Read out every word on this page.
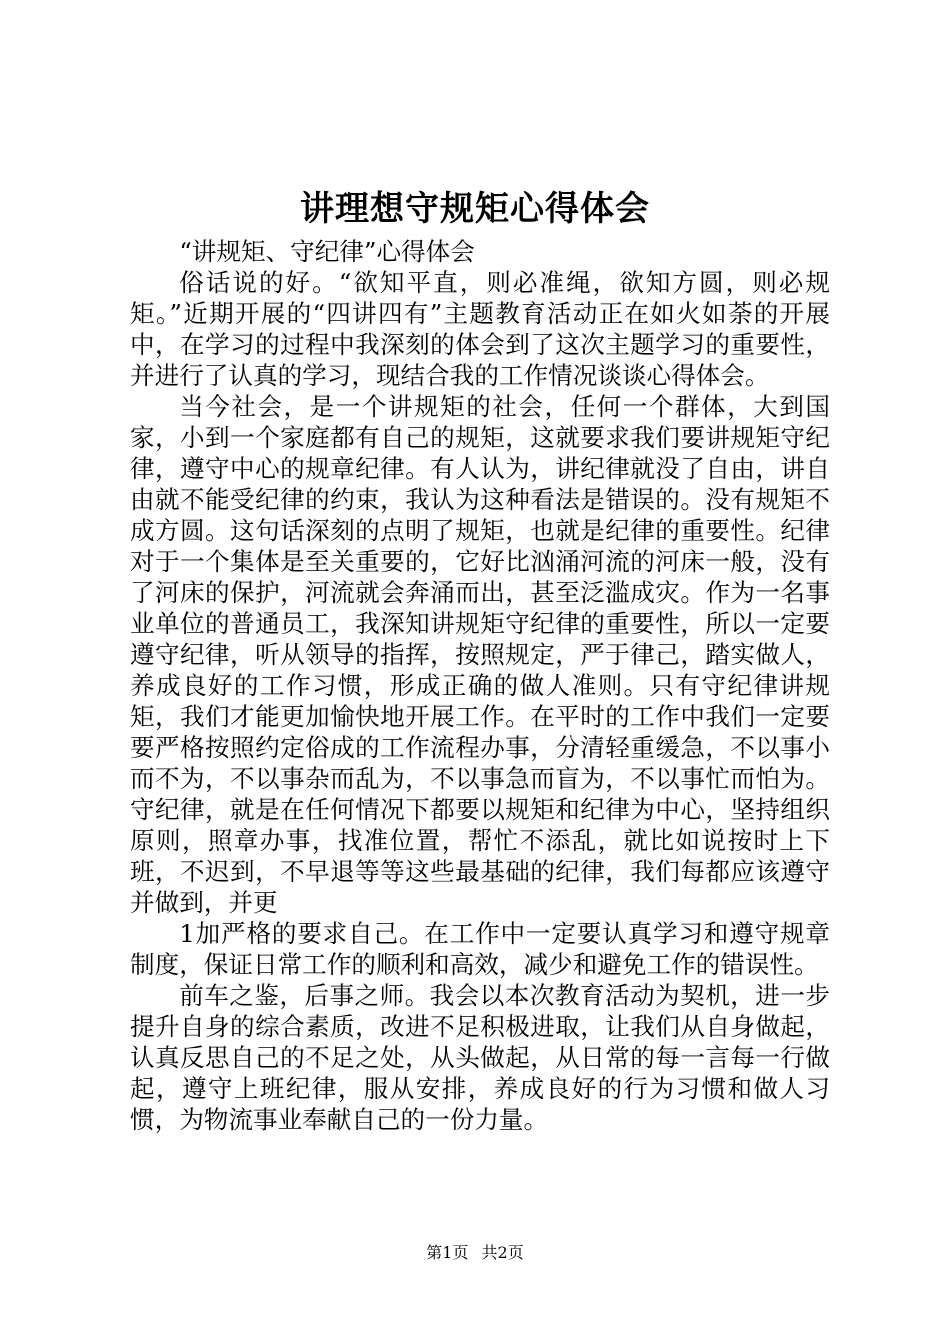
讲理想守规矩心得体会

“讲规矩、守纪律”心得体会

俗话说的好。“欲知平直，则必准绳，欲知方圆，则必规矩。”近期开展的“四讲四有”主题教育活动正在如火如荼的开展中，在学习的过程中我深刻的体会到了这次主题学习的重要性，并进行了认真的学习，现结合我的工作情况谈谈心得体会。

当今社会，是一个讲规矩的社会，任何一个群体，大到国家，小到一个家庭都有自己的规矩，这就要求我们要讲规矩守纪律，遵守中心的规章纪律。有人认为，讲纪律就没了自由，讲自由就不能受纪律的约束，我认为这种看法是错误的。没有规矩不成方圆。这句话深刻的点明了规矩，也就是纪律的重要性。纪律对于一个集体是至关重要的，它好比汹涌河流的河床一般，没有了河床的保护，河流就会奔涌而出，甚至泛滥成灾。作为一名事业单位的普通员工，我深知讲规矩守纪律的重要性，所以一定要遵守纪律，听从领导的指挥，按照规定，严于律己，踏实做人，养成良好的工作习惯，形成正确的做人准则。只有守纪律讲规矩，我们才能更加愉快地开展工作。在平时的工作中我们一定要要严格按照约定俗成的工作流程办事，分清轻重缓急，不以事小而不为，不以事杂而乱为，不以事急而盲为，不以事忙而怕为。守纪律，就是在任何情况下都要以规矩和纪律为中心，坚持组织原则，照章办事，找准位置，帮忙不添乱，就比如说按时上下班，不迟到，不早退等等这些最基础的纪律，我们每都应该遵守并做到，并更

1加严格的要求自己。在工作中一定要认真学习和遵守规章制度，保证日常工作的顺利和高效，减少和避免工作的错误性。

前车之鉴，后事之师。我会以本次教育活动为契机，进一步提升自身的综合素质，改进不足积极进取，让我们从自身做起，认真反思自己的不足之处，从头做起，从日常的每一言每一行做起，遵守上班纪律，服从安排，养成良好的行为习惯和做人习惯，为物流事业奉献自己的一份力量。

第1页 共2页
